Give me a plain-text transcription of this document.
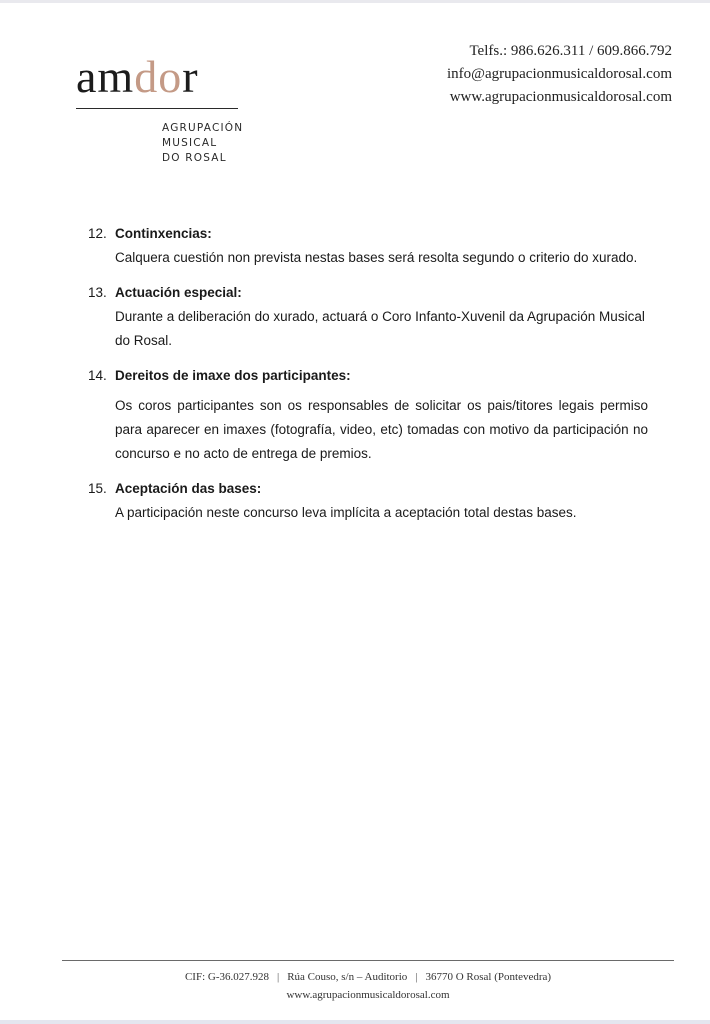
amdor
AGRUPACIÓN
MUSICAL
DO ROSAL
Telfs.: 986.626.311 / 609.866.792
info@agrupacionmusicaldorosal.com
www.agrupacionmusicaldorosal.com
12. Continxencias:
Calquera cuestión non prevista nestas bases será resolta segundo o criterio do xurado.
13. Actuación especial:
Durante a deliberación do xurado, actuará o Coro Infanto-Xuvenil da Agrupación Musical do Rosal.
14. Dereitos de imaxe dos participantes:
Os coros participantes son os responsables de solicitar os pais/titores legais permiso para aparecer en imaxes (fotografía, video, etc) tomadas con motivo da participación no concurso e no acto de entrega de premios.
15. Aceptación das bases:
A participación neste concurso leva implícita a aceptación total destas bases.
CIF: G-36.027.928 | Rúa Couso, s/n – Auditorio | 36770 O Rosal (Pontevedra)
www.agrupacionmusicaldorosal.com
